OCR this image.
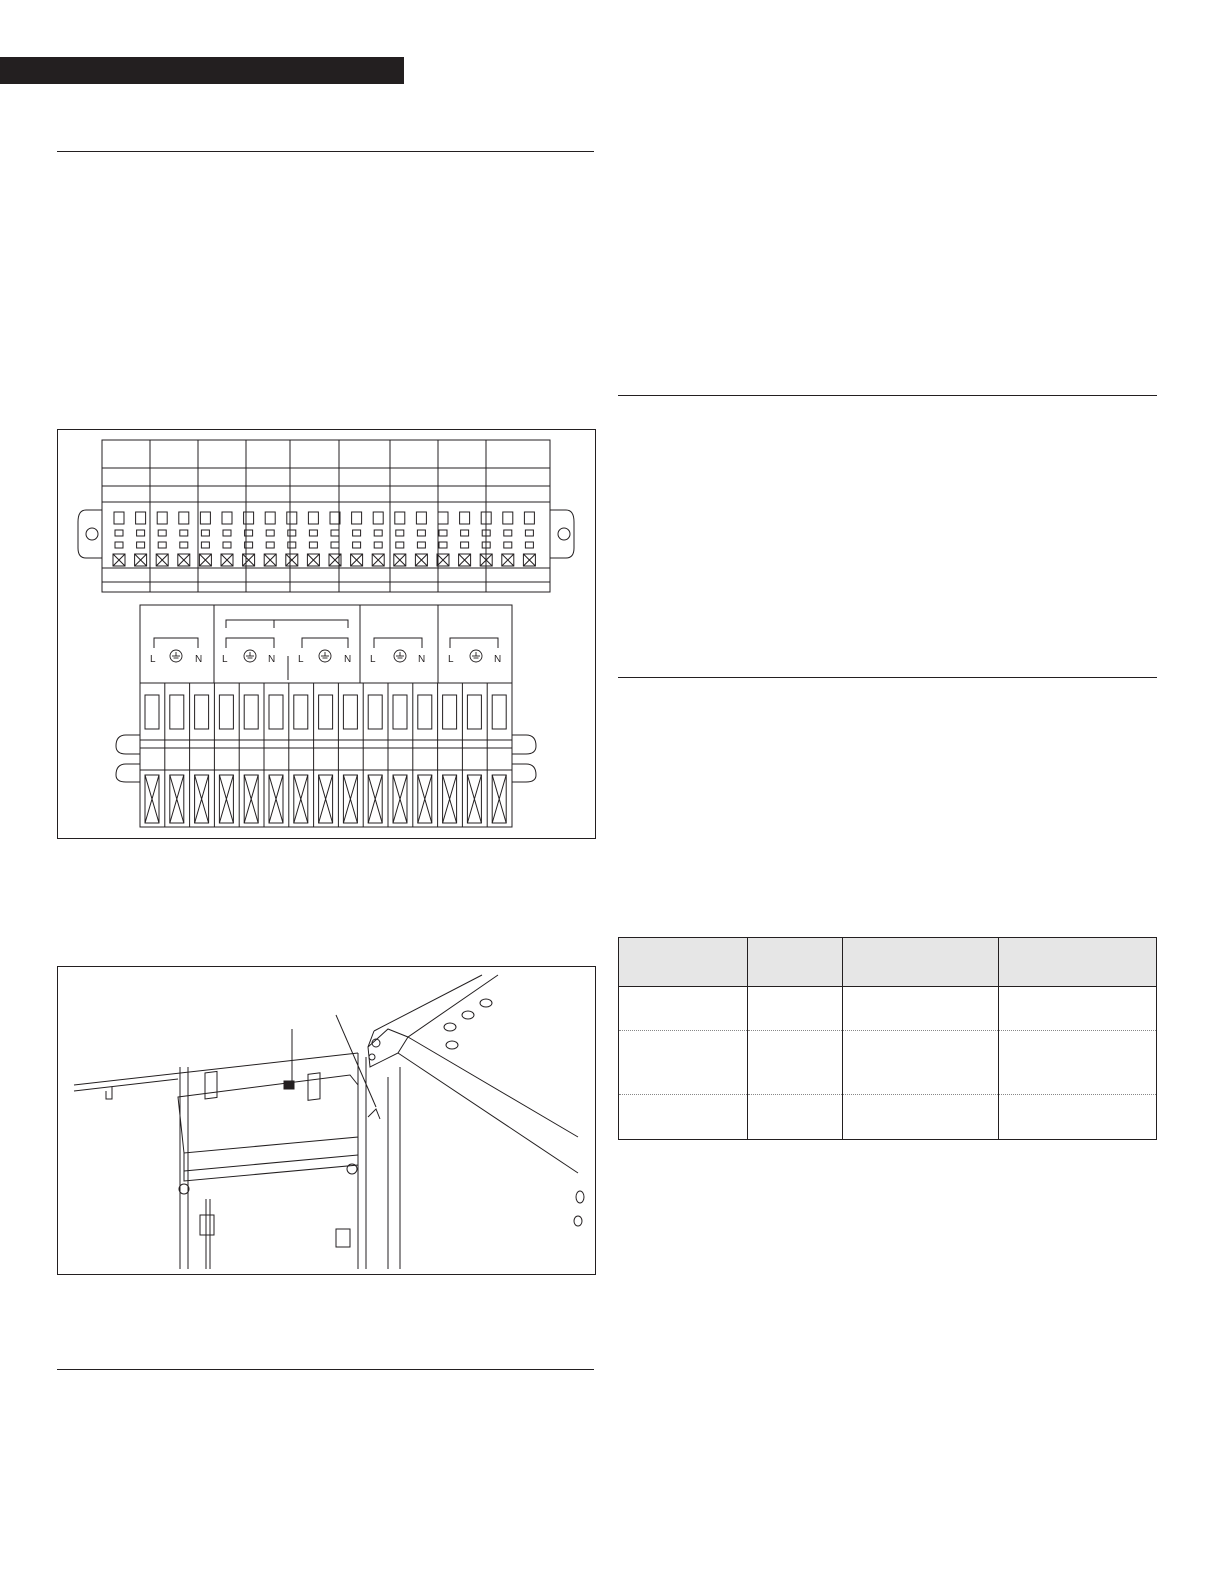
L	N L	N L	N L	N L	N
